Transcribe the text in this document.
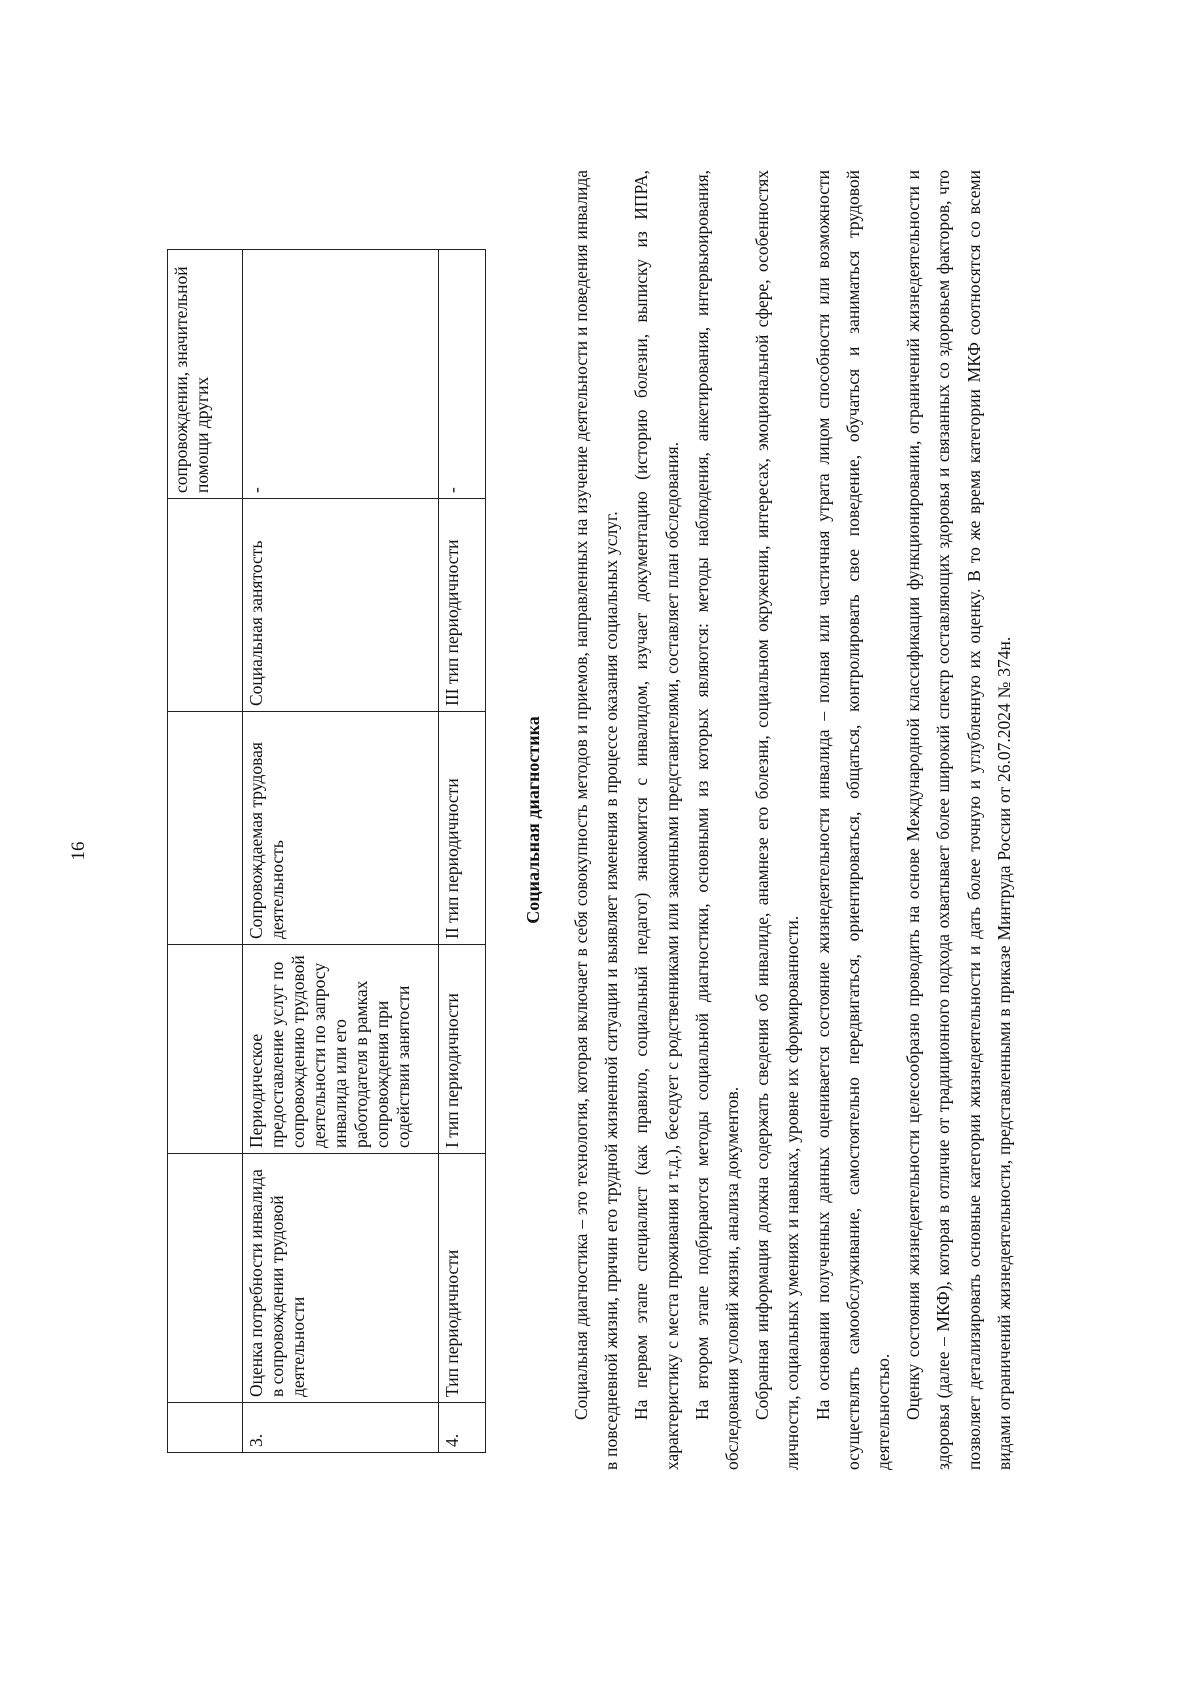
16
					сопровождении, значительной помощи других
3.	Оценка потребности инвалида в сопровождении трудовой деятельности	Периодическое предоставление услуг по сопровождению трудовой деятельности по запросу инвалида или его работодателя в рамках сопровождения при содействии занятости	Сопровождаемая трудовая деятельность	Социальная занятость	-
4.	Тип периодичности	I тип периодичности	II тип периодичности	III тип периодичности	-
Социальная диагностика Социальная диагностика – это технология, которая включает в себя совокупность методов и приемов, направленных на изучение деятельности и поведения инвалида в повседневной жизни, причин его трудной жизненной ситуации и выявляет изменения в процессе оказания социальных услуг. На первом этапе специалист (как правило, социальный педагог) знакомится с инвалидом, изучает документацию (историю болезни, выписку из ИПРА, характеристику с места проживания и т.д.), беседует с родственниками или законными представителями, составляет план обследования. На втором этапе подбираются методы социальной диагностики, основными из которых являются: методы наблюдения, анкетирования, интервьюирования, обследования условий жизни, анализа документов. Собранная информация должна содержать сведения об инвалиде, анамнезе его болезни, социальном окружении, интересах, эмоциональной сфере, особенностях личности, социальных умениях и навыках, уровне их сформированности. На основании полученных данных оценивается состояние жизнедеятельности инвалида – полная или частичная утрата лицом способности или возможности осуществлять самообслуживание, самостоятельно передвигаться, ориентироваться, общаться, контролировать свое поведение, обучаться и заниматься трудовой деятельностью. Оценку состояния жизнедеятельности целесообразно проводить на основе Международной классификации функционировании, ограничений жизнедеятельности и здоровья (далее – МКФ), которая в отличие от традиционного подхода охватывает более широкий спектр составляющих здоровья и связанных со здоровьем факторов, что позволяет детализировать основные категории жизнедеятельности и дать более точную и углубленную их оценку. В то же время категории МКФ соотносятся со всеми видами ограничений жизнедеятельности, представленными в приказе Минтруда России от 26.07.2024 № 374н.
